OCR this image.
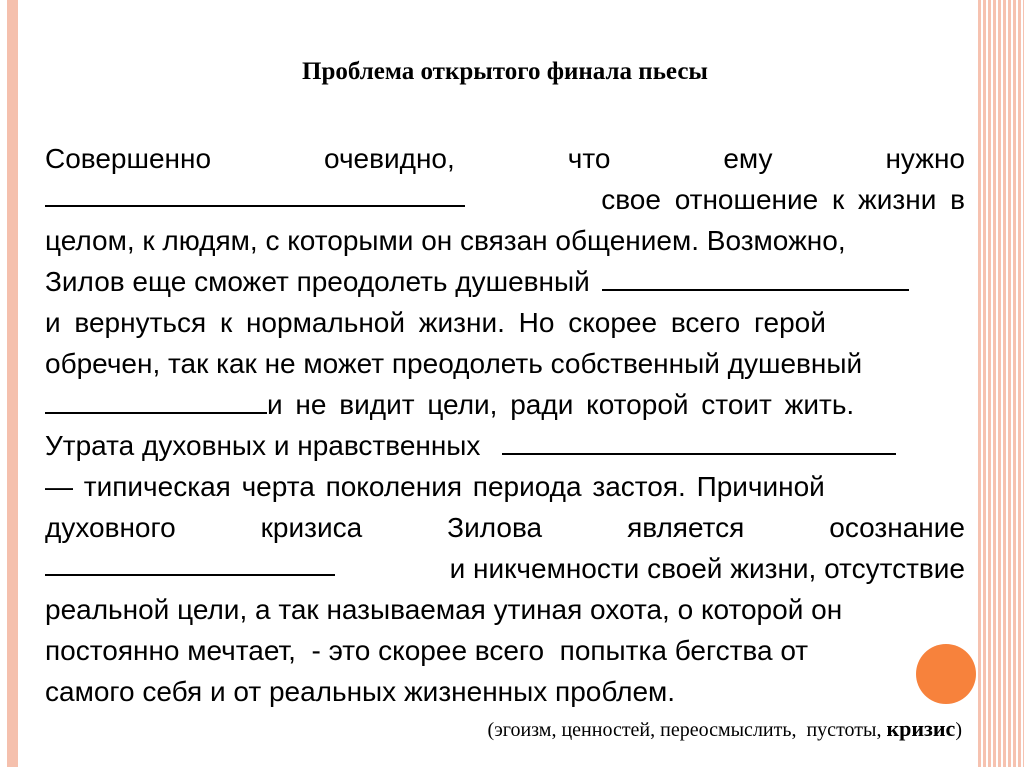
Проблема открытого финала пьесы
Совершенно	очевидно,	что	ему	нужно
свое отношение к жизни в
целом, к людям, с которыми он связан общением. Возможно,
Зилов еще сможет преодолеть душевный
и вернуться к нормальной жизни. Но скорее всего герой
обречен, так как не может преодолеть собственный душевный
и не видит цели, ради которой стоит жить.
Утрата духовных и нравственных
— типическая черта поколения периода застоя. Причиной
духовного	кризиса	Зилова	является	осознание
и никчемности своей жизни, отсутствие
реальной цели, а так называемая утиная охота, о которой он
постоянно мечтает,  - это скорее всего  попытка бегства от
самого себя и от реальных жизненных проблем.
(эгоизм, ценностей, переосмыслить,  пустоты, кризис)
